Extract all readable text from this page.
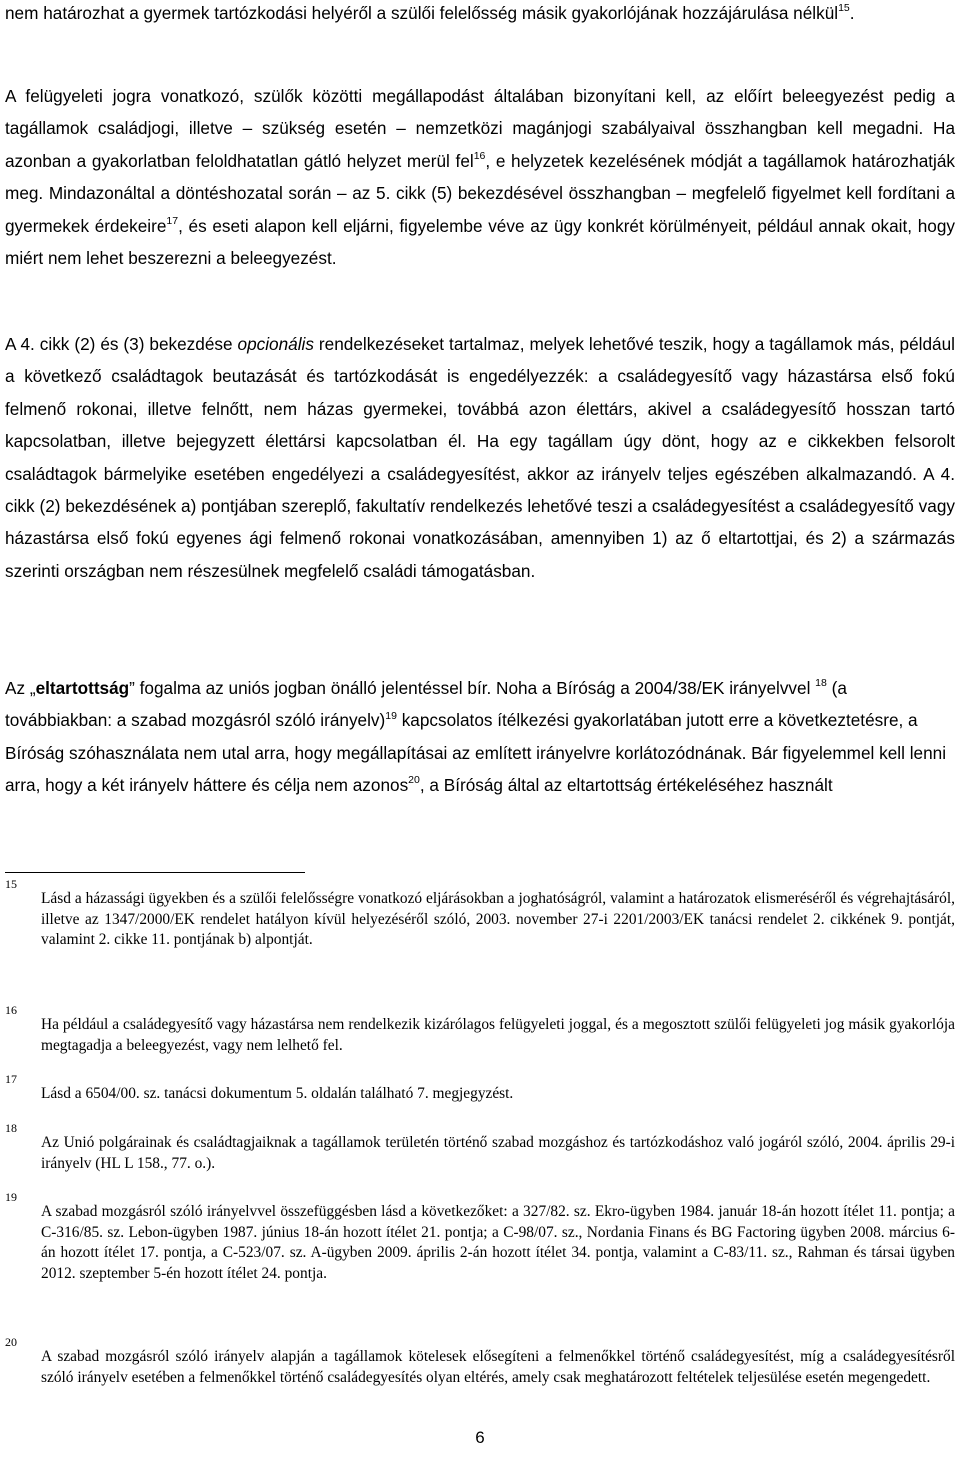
nem határozhat a gyermek tartózkodási helyéről a szülői felelősség másik gyakorlójának hozzájárulása nélkül$^{15}$.

A felügyeleti jogra vonatkozó, szülők közötti megállapodást általában bizonyítani kell, az előírt beleegyezést pedig a tagállamok családjogi, illetve – szükség esetén – nemzetközi magánjogi szabályaival összhangban kell megadni. Ha azonban a gyakorlatban feloldhatatlan gátló helyzet merül fel$^{16}$, e helyzetek kezelésének módját a tagállamok határozhatják meg. Mindazonáltal a döntéshozatal során – az 5. cikk (5) bekezdésével összhangban – megfelelő figyelmet kell fordítani a gyermekek érdekeire$^{17}$, és eseti alapon kell eljárni, figyelembe véve az ügy konkrét körülményeit, például annak okait, hogy miért nem lehet beszerezni a beleegyezést.

A 4. cikk (2) és (3) bekezdése opcionális rendelkezéseket tartalmaz, melyek lehetővé teszik, hogy a tagállamok más, például a következő családtagok beutazását és tartózkodását is engedélyezzék: a családegyesítő vagy házastársa első fokú felmenő rokonai, illetve felnőtt, nem házas gyermekei, továbbá azon élettárs, akivel a családegyesítő hosszan tartó kapcsolatban, illetve bejegyzett élettársi kapcsolatban él. Ha egy tagállam úgy dönt, hogy az e cikkekben felsorolt családtagok bármelyike esetében engedélyezi a családegyesítést, akkor az irányelv teljes egészében alkalmazandó. A 4. cikk (2) bekezdésének a) pontjában szereplő, fakultatív rendelkezés lehetővé teszi a családegyesítést a családegyesítő vagy házastársa első fokú egyenes ági felmenő rokonai vonatkozásában, amennyiben 1) az ő eltartottjai, és 2) a származás szerinti országban nem részesülnek megfelelő családi támogatásban.

Az „eltartottság” fogalma az uniós jogban önálló jelentéssel bír. Noha a Bíróság a 2004/38/EK irányelvvel $^{18}$ (a továbbiakban: a szabad mozgásról szóló irányelv)$^{19}$ kapcsolatos ítélkezési gyakorlatában jutott erre a következtetésre, a Bíróság szóhasználata nem utal arra, hogy megállapításai az említett irányelvre korlátozódnának. Bár figyelemmel kell lenni arra, hogy a két irányelv háttere és célja nem azonos$^{20}$, a Bíróság által az eltartottság értékeléséhez használt

15
Lásd a házassági ügyekben és a szülői felelősségre vonatkozó eljárásokban a joghatóságról, valamint a határozatok elismeréséről és végrehajtásáról, illetve az 1347/2000/EK rendelet hatályon kívül helyezéséről szóló, 2003. november 27-i 2201/2003/EK tanácsi rendelet 2. cikkének 9. pontját, valamint 2. cikke 11. pontjának b) alpontját.
16
Ha például a családegyesítő vagy házastársa nem rendelkezik kizárólagos felügyeleti joggal, és a megosztott szülői felügyeleti jog másik gyakorlója megtagadja a beleegyezést, vagy nem lelhető fel.
17
Lásd a 6504/00. sz. tanácsi dokumentum 5. oldalán található 7. megjegyzést.
18
Az Unió polgárainak és családtagjaiknak a tagállamok területén történő szabad mozgáshoz és tartózkodáshoz való jogáról szóló, 2004. április 29-i irányelv (HL L 158., 77. o.).
19
A szabad mozgásról szóló irányelvvel összefüggésben lásd a következőket: a 327/82. sz. Ekro-ügyben 1984. január 18-án hozott ítélet 11. pontja; a C-316/85. sz. Lebon-ügyben 1987. június 18-án hozott ítélet 21. pontja; a C-98/07. sz., Nordania Finans és BG Factoring ügyben 2008. március 6-án hozott ítélet 17. pontja, a C-523/07. sz. A-ügyben 2009. április 2-án hozott ítélet 34. pontja, valamint a C-83/11. sz., Rahman és társai ügyben 2012. szeptember 5-én hozott ítélet 24. pontja.
20
A szabad mozgásról szóló irányelv alapján a tagállamok kötelesek elősegíteni a felmenőkkel történő családegyesítést, míg a családegyesítésről szóló irányelv esetében a felmenőkkel történő családegyesítés olyan eltérés, amely csak meghatározott feltételek teljesülése esetén megengedett.
6
